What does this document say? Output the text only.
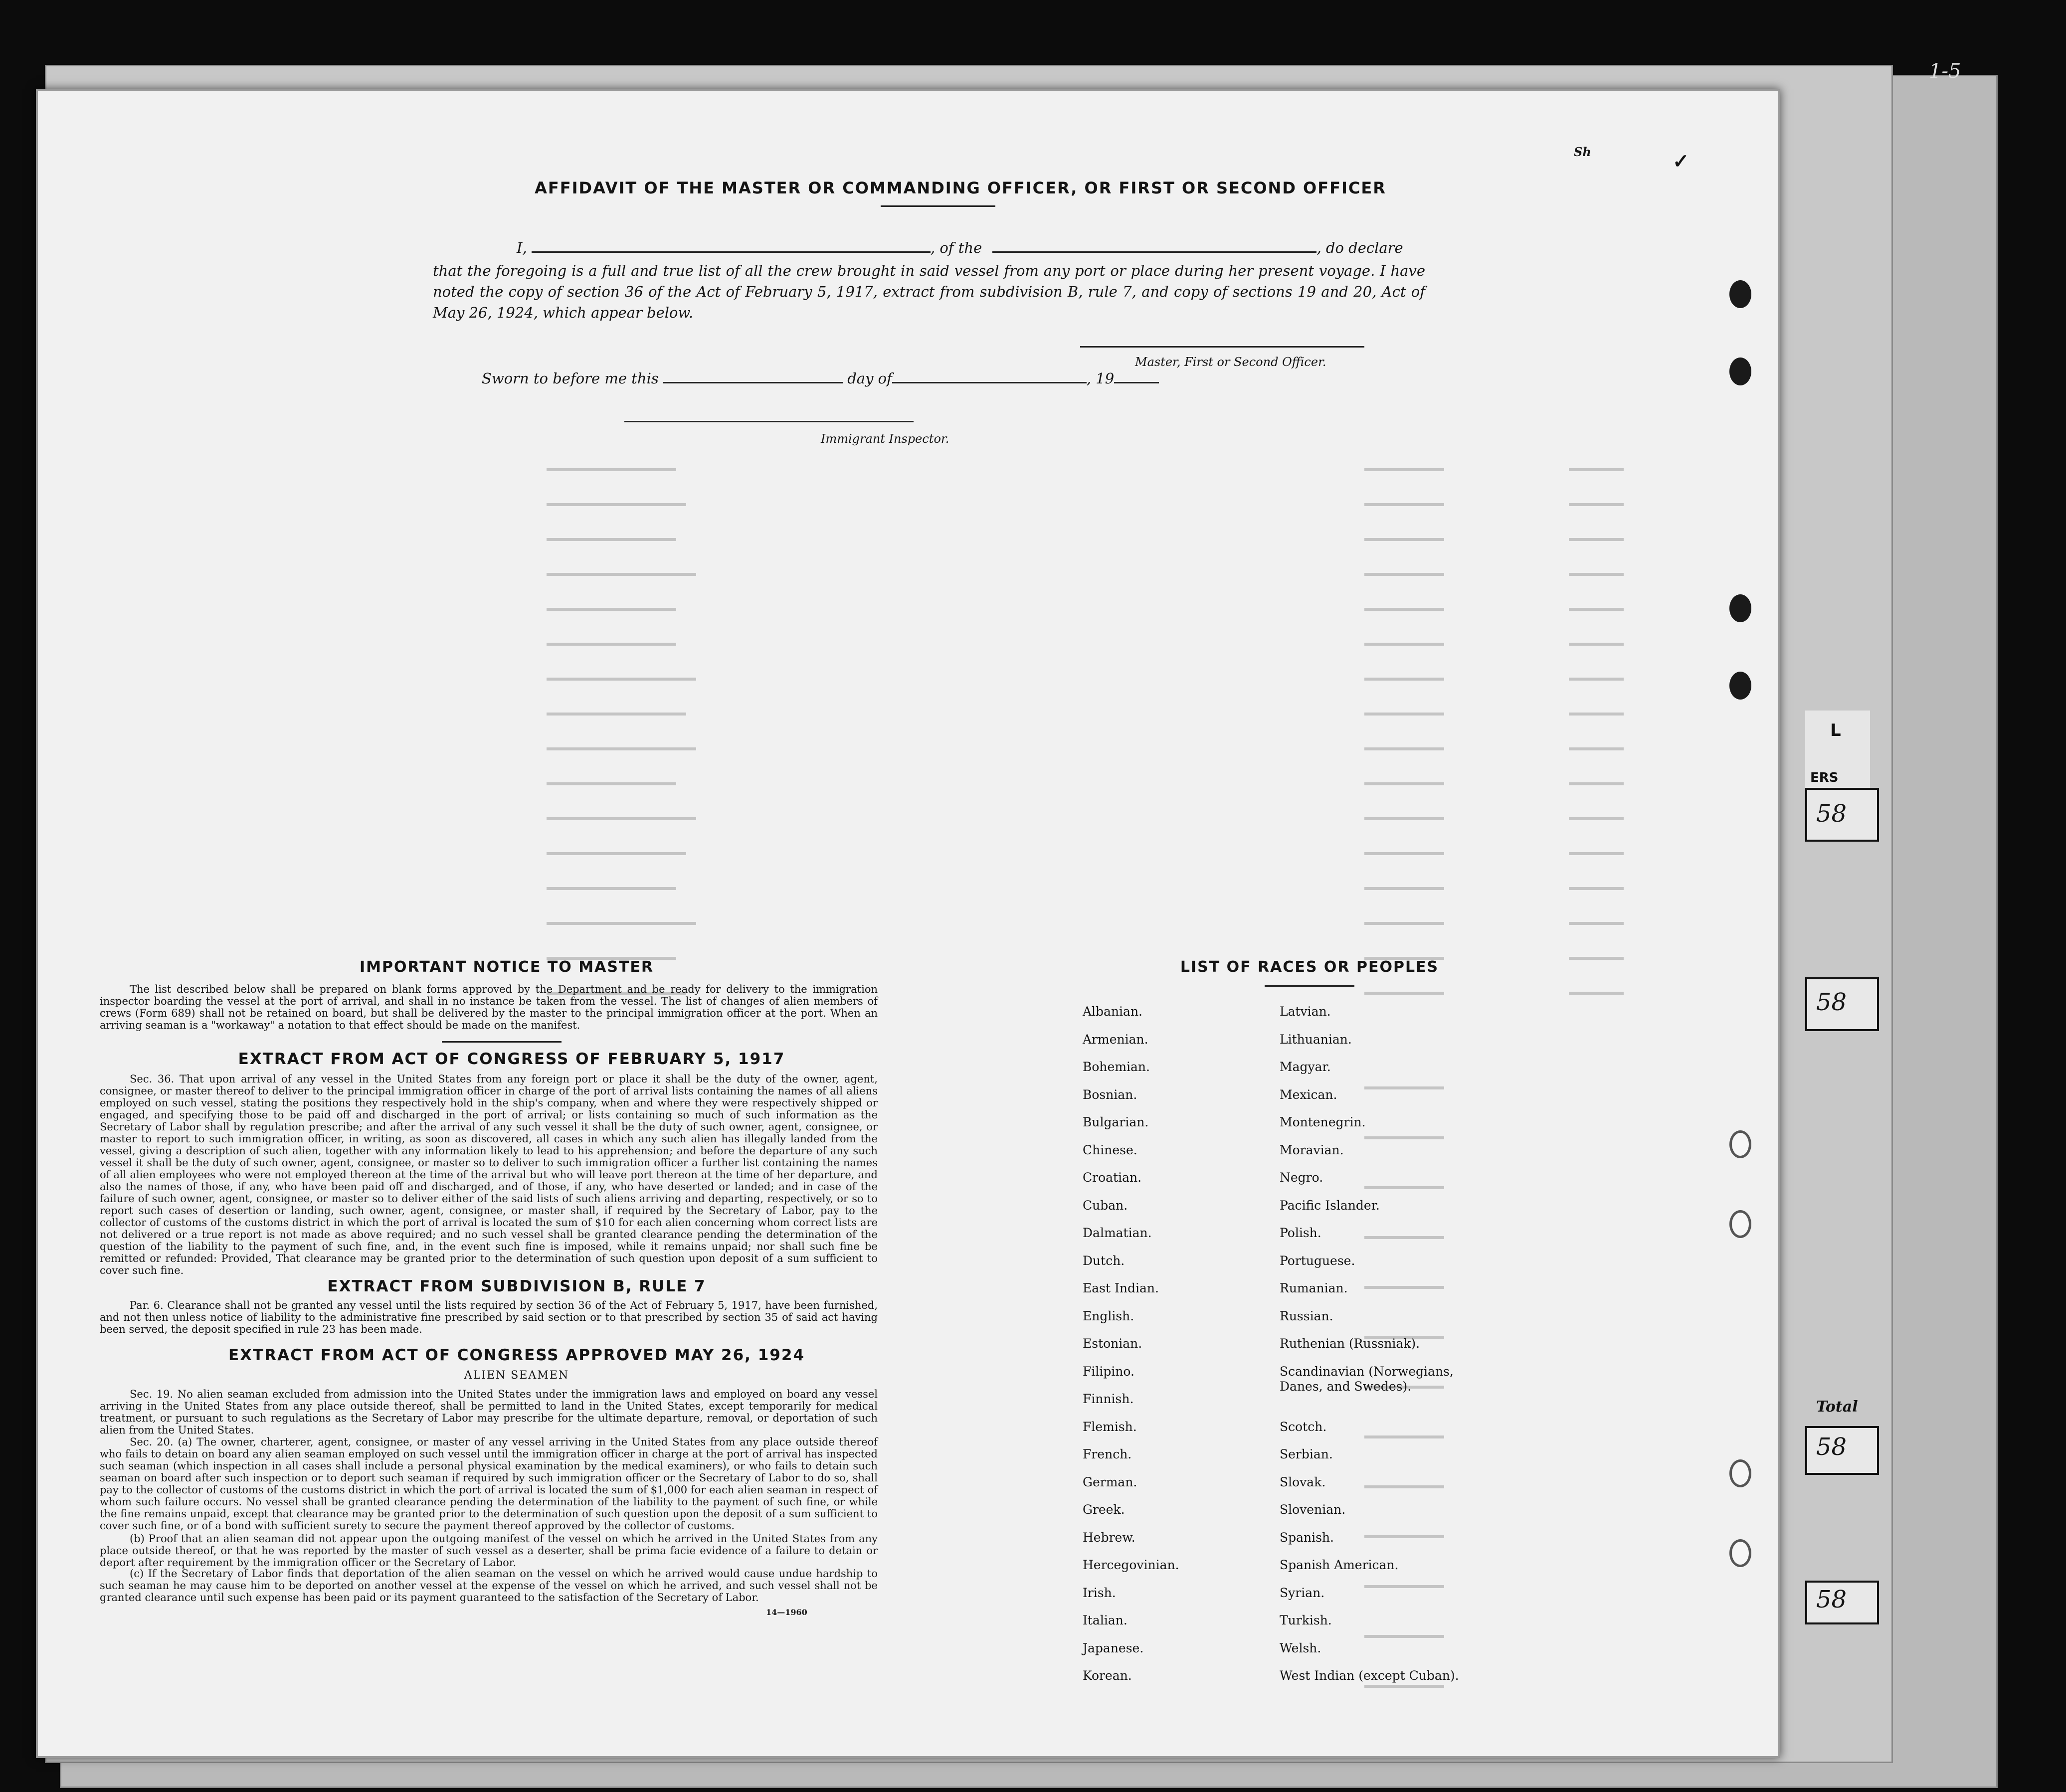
1-5
L
ERS
58
58
Total
58
58
Sh	✓
AFFIDAVIT OF THE MASTER OR COMMANDING OFFICER, OR FIRST OR SECOND OFFICER
I,	, of the	, do declare
that the foregoing is a full and true list of all the crew brought in said vessel from any port or place during her present voyage. I have noted the copy of section 36 of the Act of February 5, 1917, extract from subdivision B, rule 7, and copy of sections 19 and 20, Act of May 26, 1924, which appear below.
Master, First or Second Officer.
Sworn to before me this	day of	, 19
Immigrant Inspector.
IMPORTANT NOTICE TO MASTER
The list described below shall be prepared on blank forms approved by the Department and be ready for delivery to the immigration inspector boarding the vessel at the port of arrival, and shall in no instance be taken from the vessel. The list of changes of alien members of crews (Form 689) shall not be retained on board, but shall be delivered by the master to the principal immigration officer at the port. When an arriving seaman is a "workaway" a notation to that effect should be made on the manifest.
EXTRACT FROM ACT OF CONGRESS OF FEBRUARY 5, 1917
Sec. 36. That upon arrival of any vessel in the United States from any foreign port or place it shall be the duty of the owner, agent, consignee, or master thereof to deliver to the principal immigration officer in charge of the port of arrival lists containing the names of all aliens employed on such vessel, stating the positions they respectively hold in the ship's company, when and where they were respectively shipped or engaged, and specifying those to be paid off and discharged in the port of arrival; or lists containing so much of such information as the Secretary of Labor shall by regulation prescribe; and after the arrival of any such vessel it shall be the duty of such owner, agent, consignee, or master to report to such immigration officer, in writing, as soon as discovered, all cases in which any such alien has illegally landed from the vessel, giving a description of such alien, together with any information likely to lead to his apprehension; and before the departure of any such vessel it shall be the duty of such owner, agent, consignee, or master so to deliver to such immigration officer a further list containing the names of all alien employees who were not employed thereon at the time of the arrival but who will leave port thereon at the time of her departure, and also the names of those, if any, who have been paid off and discharged, and of those, if any, who have deserted or landed; and in case of the failure of such owner, agent, consignee, or master so to deliver either of the said lists of such aliens arriving and departing, respectively, or so to report such cases of desertion or landing, such owner, agent, consignee, or master shall, if required by the Secretary of Labor, pay to the collector of customs of the customs district in which the port of arrival is located the sum of $10 for each alien concerning whom correct lists are not delivered or a true report is not made as above required; and no such vessel shall be granted clearance pending the determination of the question of the liability to the payment of such fine, and, in the event such fine is imposed, while it remains unpaid; nor shall such fine be remitted or refunded: Provided, That clearance may be granted prior to the determination of such question upon deposit of a sum sufficient to cover such fine.
EXTRACT FROM SUBDIVISION B, RULE 7
Par. 6. Clearance shall not be granted any vessel until the lists required by section 36 of the Act of February 5, 1917, have been furnished, and not then unless notice of liability to the administrative fine prescribed by said section or to that prescribed by section 35 of said act having been served, the deposit specified in rule 23 has been made.
EXTRACT FROM ACT OF CONGRESS APPROVED MAY 26, 1924
ALIEN SEAMEN
Sec. 19. No alien seaman excluded from admission into the United States under the immigration laws and employed on board any vessel arriving in the United States from any place outside thereof, shall be permitted to land in the United States, except temporarily for medical treatment, or pursuant to such regulations as the Secretary of Labor may prescribe for the ultimate departure, removal, or deportation of such alien from the United States.
Sec. 20. (a) The owner, charterer, agent, consignee, or master of any vessel arriving in the United States from any place outside thereof who fails to detain on board any alien seaman employed on such vessel until the immigration officer in charge at the port of arrival has inspected such seaman (which inspection in all cases shall include a personal physical examination by the medical examiners), or who fails to detain such seaman on board after such inspection or to deport such seaman if required by such immigration officer or the Secretary of Labor to do so, shall pay to the collector of customs of the customs district in which the port of arrival is located the sum of $1,000 for each alien seaman in respect of whom such failure occurs. No vessel shall be granted clearance pending the determination of the liability to the payment of such fine, or while the fine remains unpaid, except that clearance may be granted prior to the determination of such question upon the deposit of a sum sufficient to cover such fine, or of a bond with sufficient surety to secure the payment thereof approved by the collector of customs.
(b) Proof that an alien seaman did not appear upon the outgoing manifest of the vessel on which he arrived in the United States from any place outside thereof, or that he was reported by the master of such vessel as a deserter, shall be prima facie evidence of a failure to detain or deport after requirement by the immigration officer or the Secretary of Labor.
(c) If the Secretary of Labor finds that deportation of the alien seaman on the vessel on which he arrived would cause undue hardship to such seaman he may cause him to be deported on another vessel at the expense of the vessel on which he arrived, and such vessel shall not be granted clearance until such expense has been paid or its payment guaranteed to the satisfaction of the Secretary of Labor.
14—1960
LIST OF RACES OR PEOPLES
Albanian.
Armenian.
Bohemian.
Bosnian.
Bulgarian.
Chinese.
Croatian.
Cuban.
Dalmatian.
Dutch.
East Indian.
English.
Estonian.
Filipino.
Finnish.
Flemish.
French.
German.
Greek.
Hebrew.
Hercegovinian.
Irish.
Italian.
Japanese.
Korean.
Latvian.
Lithuanian.
Magyar.
Mexican.
Montenegrin.
Moravian.
Negro.
Pacific Islander.
Polish.
Portuguese.
Rumanian.
Russian.
Ruthenian (Russniak).
Scandinavian (Norwegians, Danes, and Swedes).
Scotch.
Serbian.
Slovak.
Slovenian.
Spanish.
Spanish American.
Syrian.
Turkish.
Welsh.
West Indian (except Cuban).
